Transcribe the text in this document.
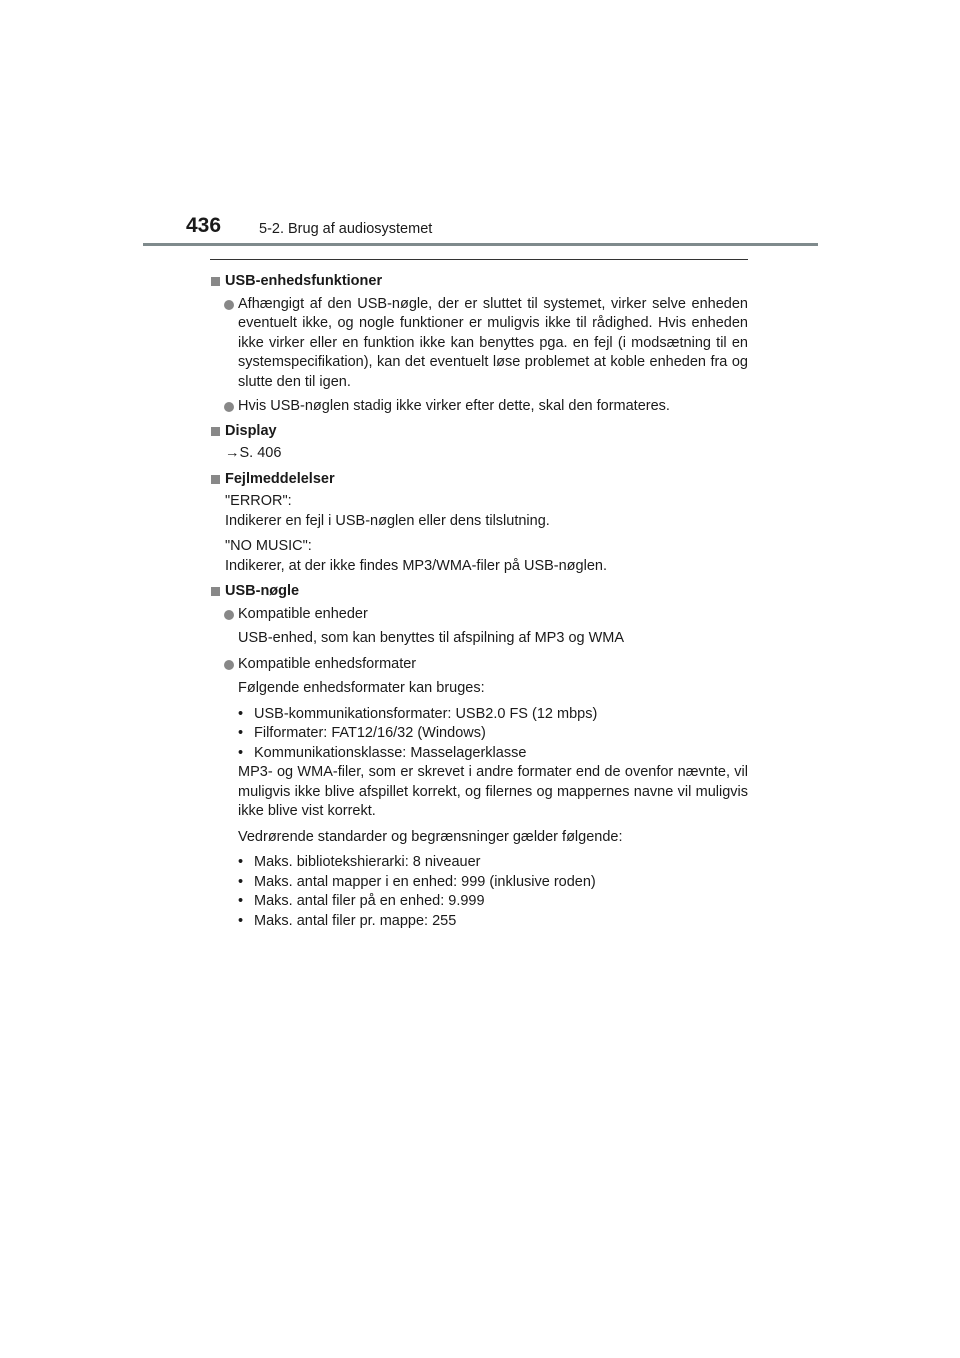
436	5-2. Brug af audiosystemet
USB-enhedsfunktioner
Afhængigt af den USB-nøgle, der er sluttet til systemet, virker selve enheden eventuelt ikke, og nogle funktioner er muligvis ikke til rådighed. Hvis enheden ikke virker eller en funktion ikke kan benyttes pga. en fejl (i modsætning til en systemspecifikation), kan det eventuelt løse problemet at koble enheden fra og slutte den til igen.
Hvis USB-nøglen stadig ikke virker efter dette, skal den formateres.
Display
→S. 406
Fejlmeddelelser
"ERROR":
Indikerer en fejl i USB-nøglen eller dens tilslutning.
"NO MUSIC":
Indikerer, at der ikke findes MP3/WMA-filer på USB-nøglen.
USB-nøgle
Kompatible enheder
USB-enhed, som kan benyttes til afspilning af MP3 og WMA
Kompatible enhedsformater
Følgende enhedsformater kan bruges:
• USB-kommunikationsformater: USB2.0 FS (12 mbps)
• Filformater: FAT12/16/32 (Windows)
• Kommunikationsklasse: Masselagerklasse
MP3- og WMA-filer, som er skrevet i andre formater end de ovenfor nævnte, vil muligvis ikke blive afspillet korrekt, og filernes og mappernes navne vil muligvis ikke blive vist korrekt.
Vedrørende standarder og begrænsninger gælder følgende:
• Maks. bibliotekshierarki: 8 niveauer
• Maks. antal mapper i en enhed: 999 (inklusive roden)
• Maks. antal filer på en enhed: 9.999
• Maks. antal filer pr. mappe: 255
